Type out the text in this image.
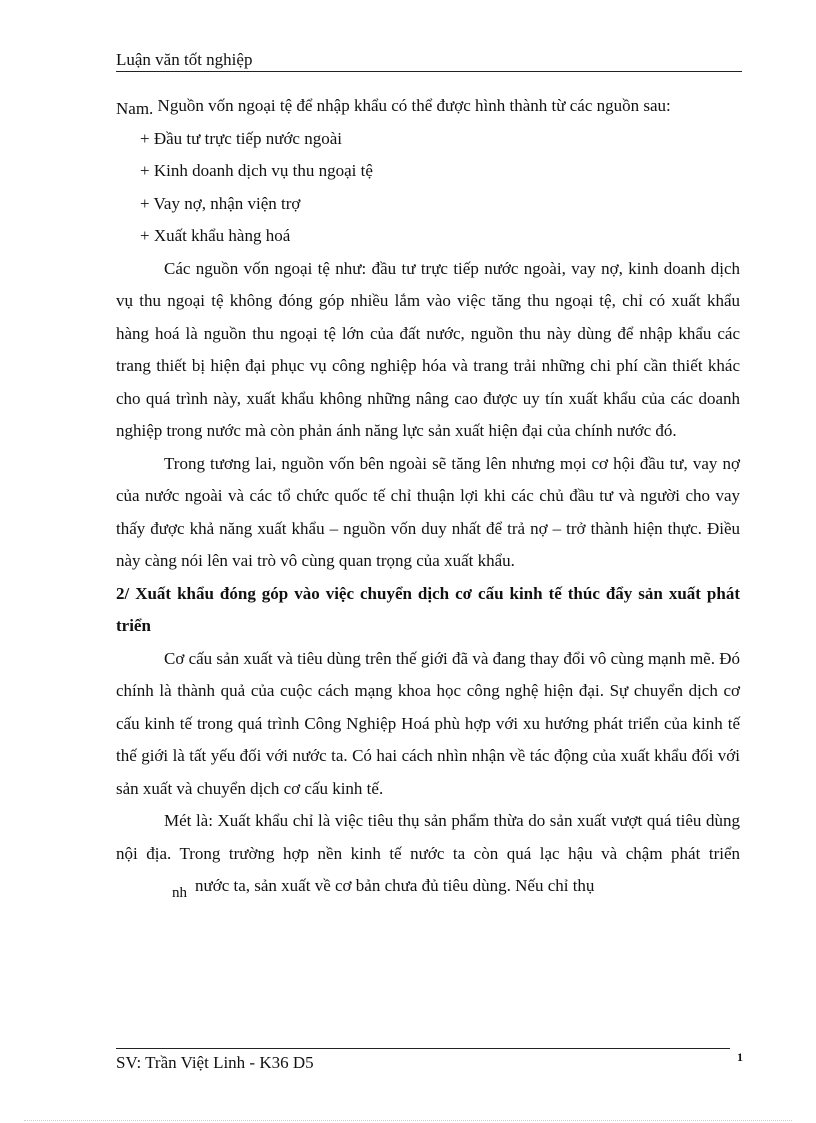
Luận văn tốt nghiệp

Nam. Nguồn vốn ngoại tệ để nhập khẩu có thể được hình thành từ các nguồn sau:

+ Đầu tư trực tiếp nước ngoài

+ Kinh doanh dịch vụ thu ngoại tệ

+ Vay nợ, nhận viện trợ

+ Xuất khẩu hàng hoá

Các nguồn vốn ngoại tệ như: đầu tư trực tiếp nước ngoài, vay nợ, kinh doanh dịch vụ thu ngoại tệ không đóng góp nhiều lắm vào việc tăng thu ngoại tệ, chỉ có xuất khẩu hàng hoá là nguồn thu ngoại tệ lớn của đất nước, nguồn thu này dùng để nhập khẩu các trang thiết bị hiện đại phục vụ công nghiệp hóa và trang trải những chi phí cần thiết khác cho quá trình này, xuất khẩu không những nâng cao được uy tín xuất khẩu của các doanh nghiệp trong nước mà còn phản ánh năng lực sản xuất hiện đại của chính nước đó.

Trong tương lai, nguồn vốn bên ngoài sẽ tăng lên nhưng mọi cơ hội đầu tư, vay nợ của nước ngoài và các tổ chức quốc tế chỉ thuận lợi khi các chủ đầu tư và người cho vay thấy được khả năng xuất khẩu – nguồn vốn duy nhất để trả nợ – trở thành hiện thực. Điều này càng nói lên vai trò vô cùng quan trọng của xuất khẩu.

2/ Xuất khẩu đóng góp vào việc chuyển dịch cơ cấu kinh tế thúc đẩy sản xuất phát triển

Cơ cấu sản xuất và tiêu dùng trên thế giới đã và đang thay đổi vô cùng mạnh mẽ. Đó chính là thành quả của cuộc cách mạng khoa học công nghệ hiện đại. Sự chuyển dịch cơ cấu kinh tế trong quá trình Công Nghiệp Hoá phù hợp với xu hướng phát triển của kinh tế thế giới là tất yếu đối với nước ta. Có hai cách nhìn nhận về tác động của xuất khẩu đối với sản xuất và chuyển dịch cơ cấu kinh tế.

Mét là: Xuất khẩu chỉ là việc tiêu thụ sản phẩm thừa do sản xuất vượt quá tiêu dùng nội địa. Trong trường hợp nền kinh tế nước ta còn quá lạc hậu và chậm phát triểnnh nước ta, sản xuất về cơ bản chưa đủ tiêu dùng. Nếu chỉ thụ

SV: Trần Việt Linh - K36 D5	1
